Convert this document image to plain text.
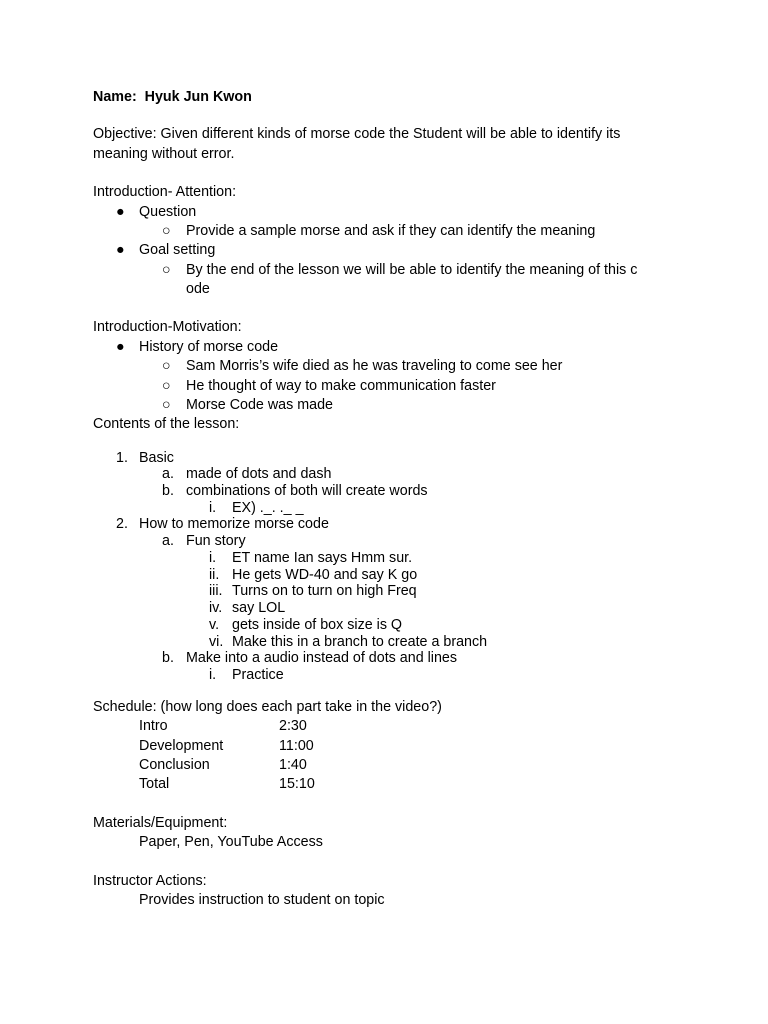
Name: Hyuk Jun Kwon
Objective: Given different kinds of morse code the Student will be able to identify its
meaning without error.
Introduction- Attention:
● Question
○ Provide a sample morse and ask if they can identify the meaning
● Goal setting
○ By the end of the lesson we will be able to identify the meaning of this c
ode
Introduction-Motivation:
● History of morse code
○ Sam Morris’s wife died as he was traveling to come see her
○ He thought of way to make communication faster
○ Morse Code was made
Contents of the lesson:
1. Basic
a. made of dots and dash
b. combinations of both will create words
i. EX) ._. ._ _
2. How to memorize morse code
a. Fun story
i. ET name Ian says Hmm sur.
ii. He gets WD-40 and say K go
iii. Turns on to turn on high Freq
iv. say LOL
v. gets inside of box size is Q
vi. Make this in a branch to create a branch
b. Make into a audio instead of dots and lines
i. Practice
Schedule: (how long does each part take in the video?)
Intro	2:30
Development	11:00
Conclusion	1:40
Total	15:10
Materials/Equipment:
Paper, Pen, YouTube Access
Instructor Actions:
Provides instruction to student on topic
